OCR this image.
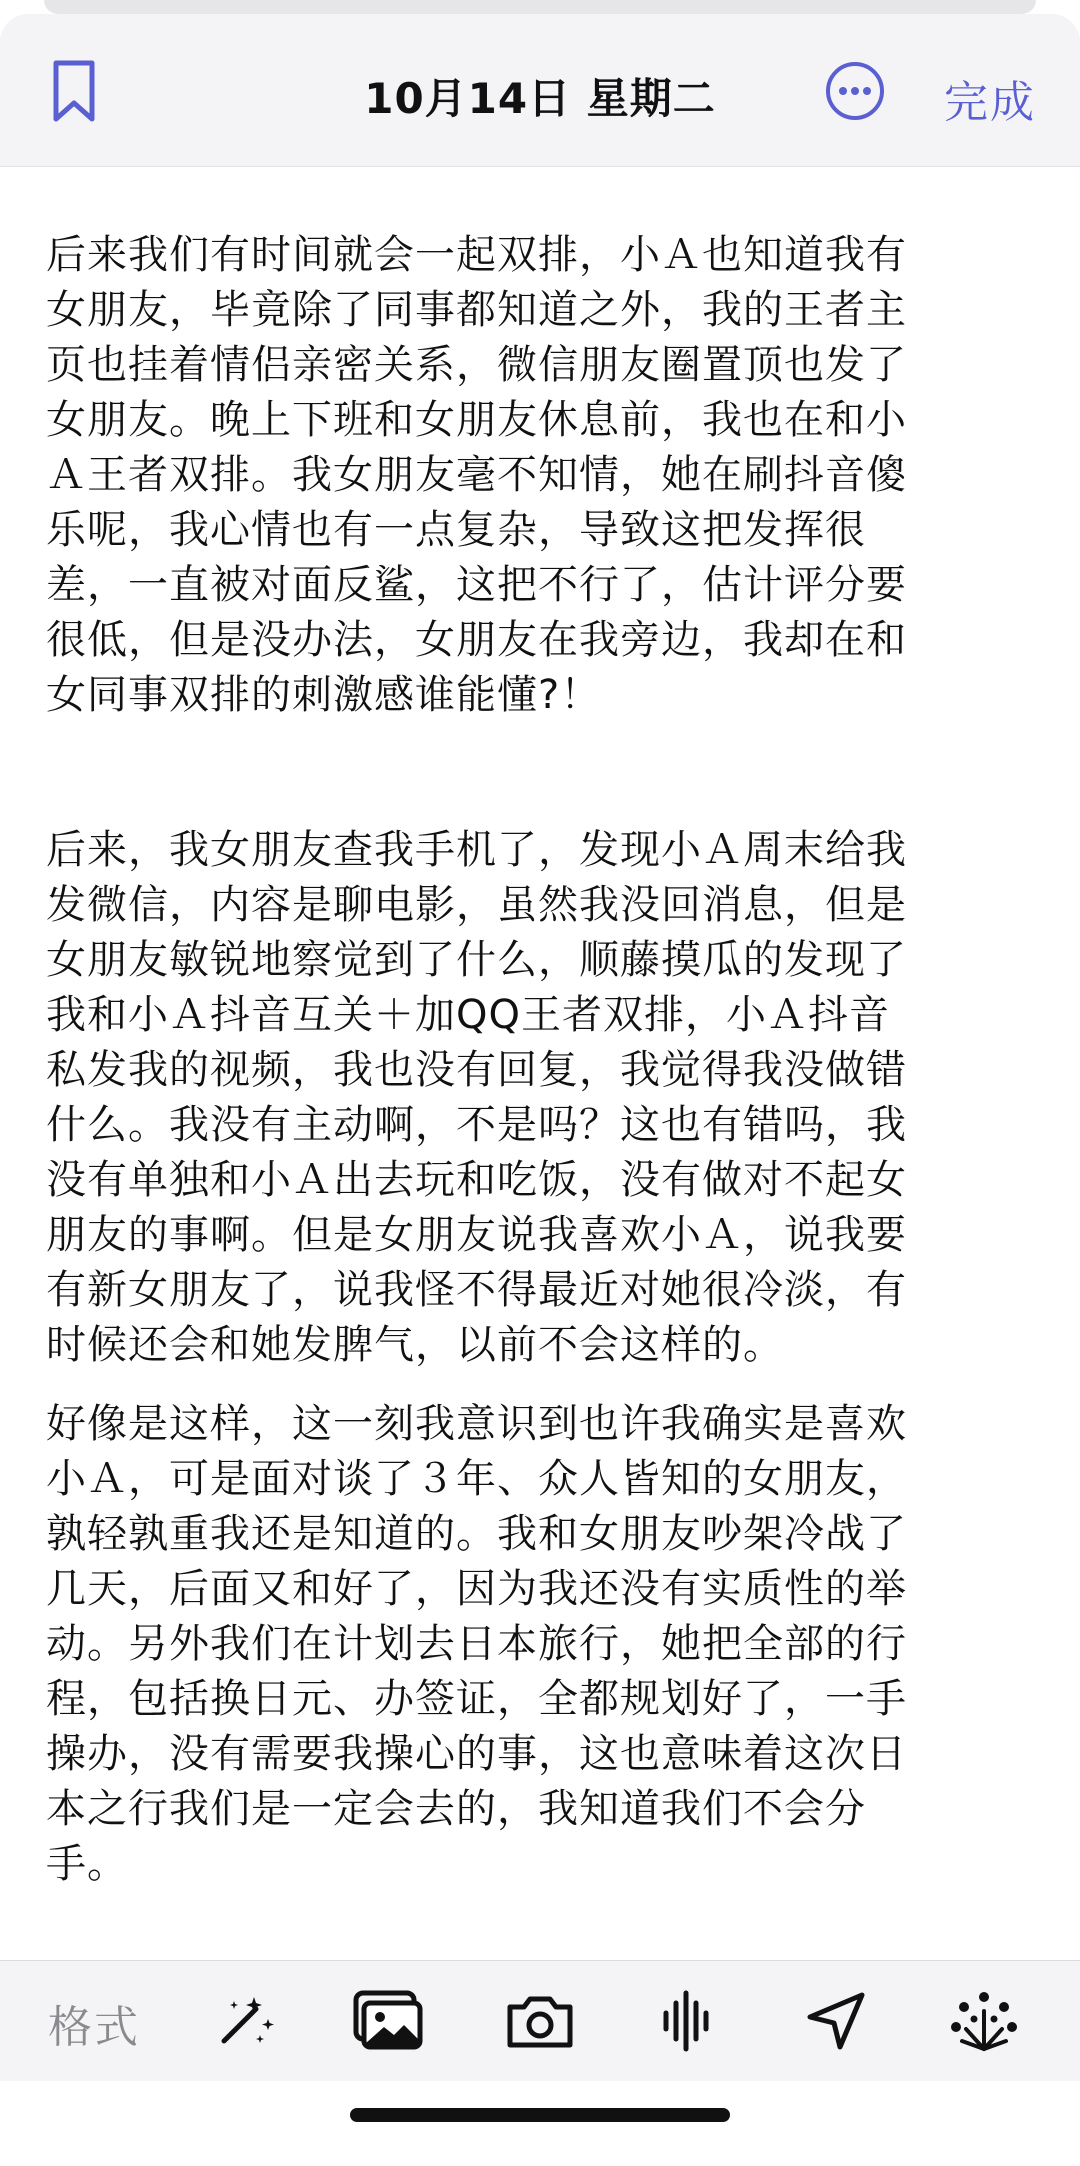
10月14日 星期二	完成

后来我们有时间就会一起双排，小Ａ也知道我有
女朋友，毕竟除了同事都知道之外，我的王者主
页也挂着情侣亲密关系，微信朋友圈置顶也发了
女朋友。晚上下班和女朋友休息前，我也在和小
Ａ王者双排。我女朋友毫不知情，她在刷抖音傻
乐呢，我心情也有一点复杂，导致这把发挥很
差，一直被对面反鲨，这把不行了，估计评分要
很低，但是没办法，女朋友在我旁边，我却在和
女同事双排的刺激感谁能懂?！

后来，我女朋友查我手机了，发现小Ａ周末给我
发微信，内容是聊电影，虽然我没回消息，但是
女朋友敏锐地察觉到了什么，顺藤摸瓜的发现了
我和小Ａ抖音互关＋加QQ王者双排，小Ａ抖音
私发我的视频，我也没有回复，我觉得我没做错
什么。我没有主动啊，不是吗？这也有错吗，我
没有单独和小Ａ出去玩和吃饭，没有做对不起女
朋友的事啊。但是女朋友说我喜欢小Ａ，说我要
有新女朋友了，说我怪不得最近对她很冷淡，有
时候还会和她发脾气，以前不会这样的。

好像是这样，这一刻我意识到也许我确实是喜欢
小Ａ，可是面对谈了３年、众人皆知的女朋友，
孰轻孰重我还是知道的。我和女朋友吵架冷战了
几天，后面又和好了，因为我还没有实质性的举
动。另外我们在计划去日本旅行，她把全部的行
程，包括换日元、办签证，全都规划好了，一手
操办，没有需要我操心的事，这也意味着这次日
本之行我们是一定会去的，我知道我们不会分
手。

格式
